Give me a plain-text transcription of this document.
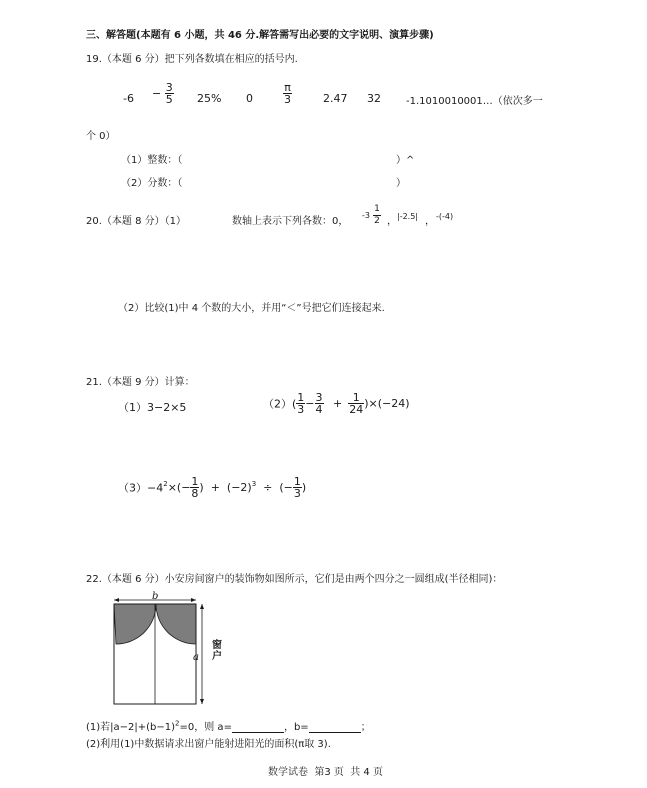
三、解答题(本题有 6 小题，共 46 分.解答需写出必要的文字说明、演算步骤)
19.（本题 6 分）把下列各数填在相应的括号内.
$-6 - \frac{3}{5} 25\%$ 0	$\frac{\pi}{3}$	2.47 32	-1.1010010001…（依次多一
个 0）
（1）整数：（	）^
（2）分数：（	）
20.（本题 8 分）（1）	数轴上表示下列各数：0，
$-3 \frac{1}{2}$ ， |-2.5| ， -(-4)
（2）比较(1)中 4 个数的大小，并用“＜”号把它们连接起来.
21.（本题 9 分）计算：
（1）3−2×5	$(2)( \frac{1}{3} - \frac{3}{4} + \frac{1}{24} )\times(-24)$
$(3)-4^2\times(- \frac{1}{8}$ )  +  $(-2)^3$  ÷  (− $\frac{1}{3}$ )
22.（本题 6 分）小安房间窗户的装饰物如图所示，它们是由两个四分之一圆组成(半径相同)：
b
a
窗户
(1)若$|a-2|+(b-1)^2=0$，则 a=	，b=	；
(2)利用(1)中数据请求出窗户能射进阳光的面积(π取 3).
数学试卷  第3 页  共 4 页
